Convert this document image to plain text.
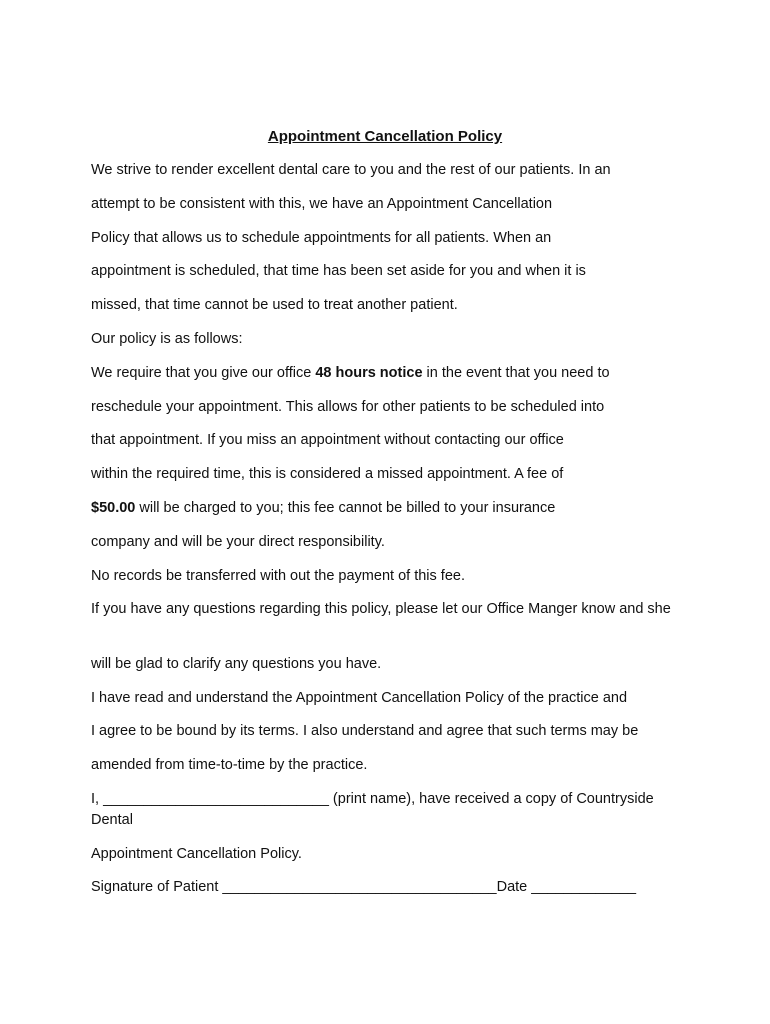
Appointment Cancellation Policy

We strive to render excellent dental care to you and the rest of our patients. In an

attempt to be consistent with this, we have an Appointment Cancellation

Policy that allows us to schedule appointments for all patients. When an

appointment is scheduled, that time has been set aside for you and when it is

missed, that time cannot be used to treat another patient.

Our policy is as follows:

We require that you give our office 48 hours notice in the event that you need to

reschedule your appointment. This allows for other patients to be scheduled into

that appointment. If you miss an appointment without contacting our office

within the required time, this is considered a missed appointment. A fee of

$50.00 will be charged to you; this fee cannot be billed to your insurance

company and will be your direct responsibility.

No records be transferred with out the payment of this fee.

If you have any questions regarding this policy, please let our Office Manger know and she

will be glad to clarify any questions you have.

I have read and understand the Appointment Cancellation Policy of the practice and

I agree to be bound by its terms. I also understand and agree that such terms may be

amended from time-to-time by the practice.

I, ____________________________ (print name), have received a copy of Countryside Dental

Appointment Cancellation Policy.

Signature of Patient __________________________________Date _____________
